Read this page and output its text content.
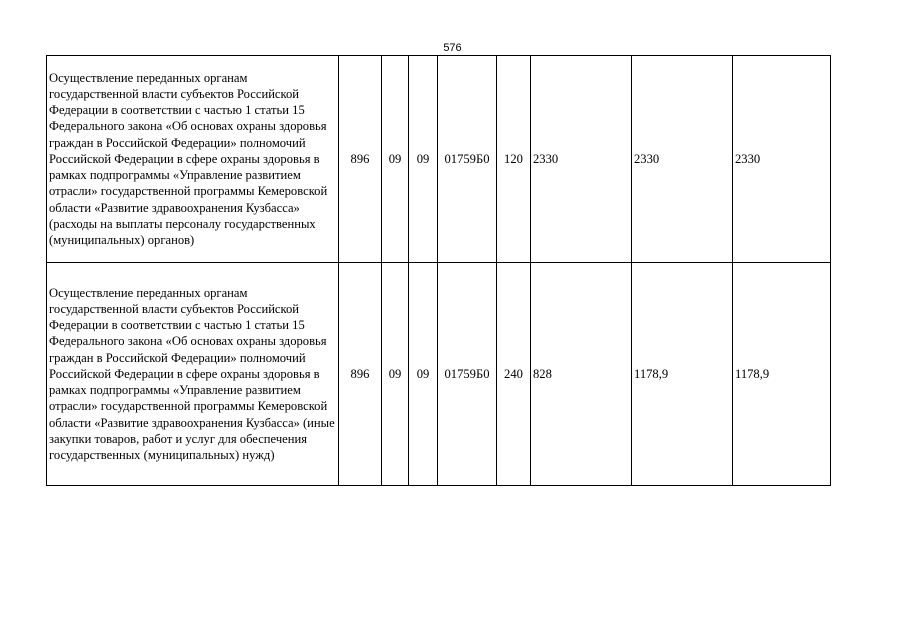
576
Осуществление переданных органам государственной власти субъектов Российской Федерации в соответствии с частью 1 статьи 15 Федерального закона «Об основах охраны здоровья граждан в Российской Федерации» полномочий Российской Федерации в сфере охраны здоровья в рамках подпрограммы «Управление развитием отрасли» государственной программы Кемеровской области «Развитие здравоохранения Кузбасса» (расходы на выплаты персоналу государственных (муниципальных) органов)	896	09	09	01759Б0	120	2330	2330	2330
Осуществление переданных органам государственной власти субъектов Российской Федерации в соответствии с частью 1 статьи 15 Федерального закона «Об основах охраны здоровья граждан в Российской Федерации» полномочий Российской Федерации в сфере охраны здоровья в рамках подпрограммы «Управление развитием отрасли» государственной программы Кемеровской области «Развитие здравоохранения Кузбасса» (иные закупки товаров, работ и услуг для обеспечения государственных (муниципальных) нужд)	896	09	09	01759Б0	240	828	1178,9	1178,9
